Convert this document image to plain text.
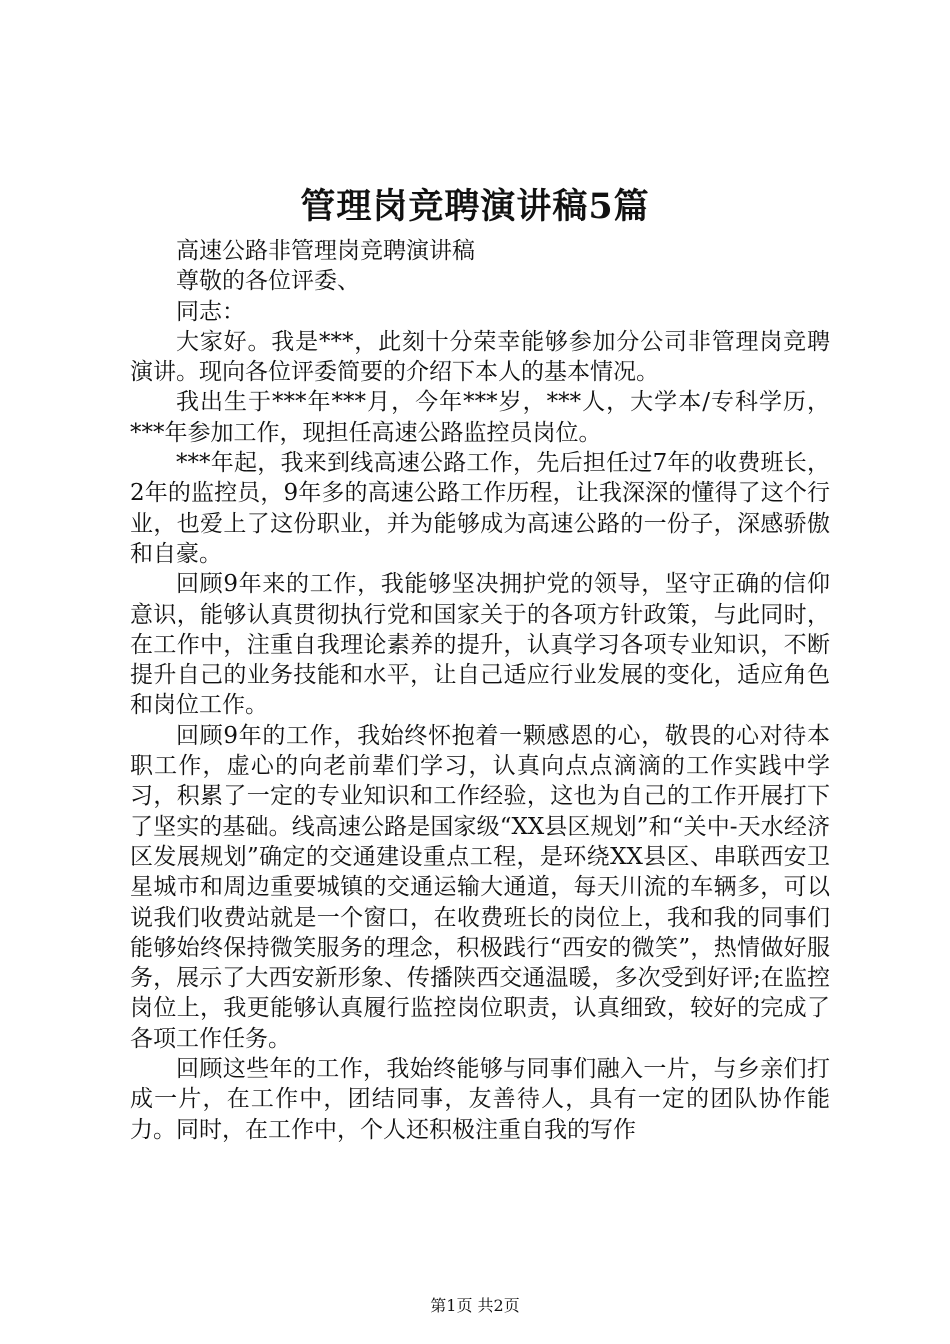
管理岗竞聘演讲稿5篇

高速公路非管理岗竞聘演讲稿

尊敬的各位评委、

同志：

大家好。我是***，此刻十分荣幸能够参加分公司非管理岗竞聘演讲。现向各位评委简要的介绍下本人的基本情况。

我出生于***年***月，今年***岁，***人，大学本/专科学历，***年参加工作，现担任高速公路监控员岗位。

***年起，我来到线高速公路工作，先后担任过7年的收费班长，2年的监控员，9年多的高速公路工作历程，让我深深的懂得了这个行业，也爱上了这份职业，并为能够成为高速公路的一份子，深感骄傲和自豪。

回顾9年来的工作，我能够坚决拥护党的领导，坚守正确的信仰意识，能够认真贯彻执行党和国家关于的各项方针政策，与此同时，在工作中，注重自我理论素养的提升，认真学习各项专业知识，不断提升自己的业务技能和水平，让自己适应行业发展的变化，适应角色和岗位工作。

回顾9年的工作，我始终怀抱着一颗感恩的心，敬畏的心对待本职工作，虚心的向老前辈们学习，认真向点点滴滴的工作实践中学习，积累了一定的专业知识和工作经验，这也为自己的工作开展打下了坚实的基础。线高速公路是国家级“XX县区规划”和“关中-天水经济区发展规划”确定的交通建设重点工程，是环绕XX县区、串联西安卫星城市和周边重要城镇的交通运输大通道，每天川流的车辆多，可以说我们收费站就是一个窗口，在收费班长的岗位上，我和我的同事们能够始终保持微笑服务的理念，积极践行“西安的微笑”，热情做好服务，展示了大西安新形象、传播陕西交通温暖，多次受到好评;在监控岗位上，我更能够认真履行监控岗位职责，认真细致，较好的完成了各项工作任务。

回顾这些年的工作，我始终能够与同事们融入一片，与乡亲们打成一片，在工作中，团结同事，友善待人，具有一定的团队协作能力。同时，在工作中，个人还积极注重自我的写作

第1页 共2页
